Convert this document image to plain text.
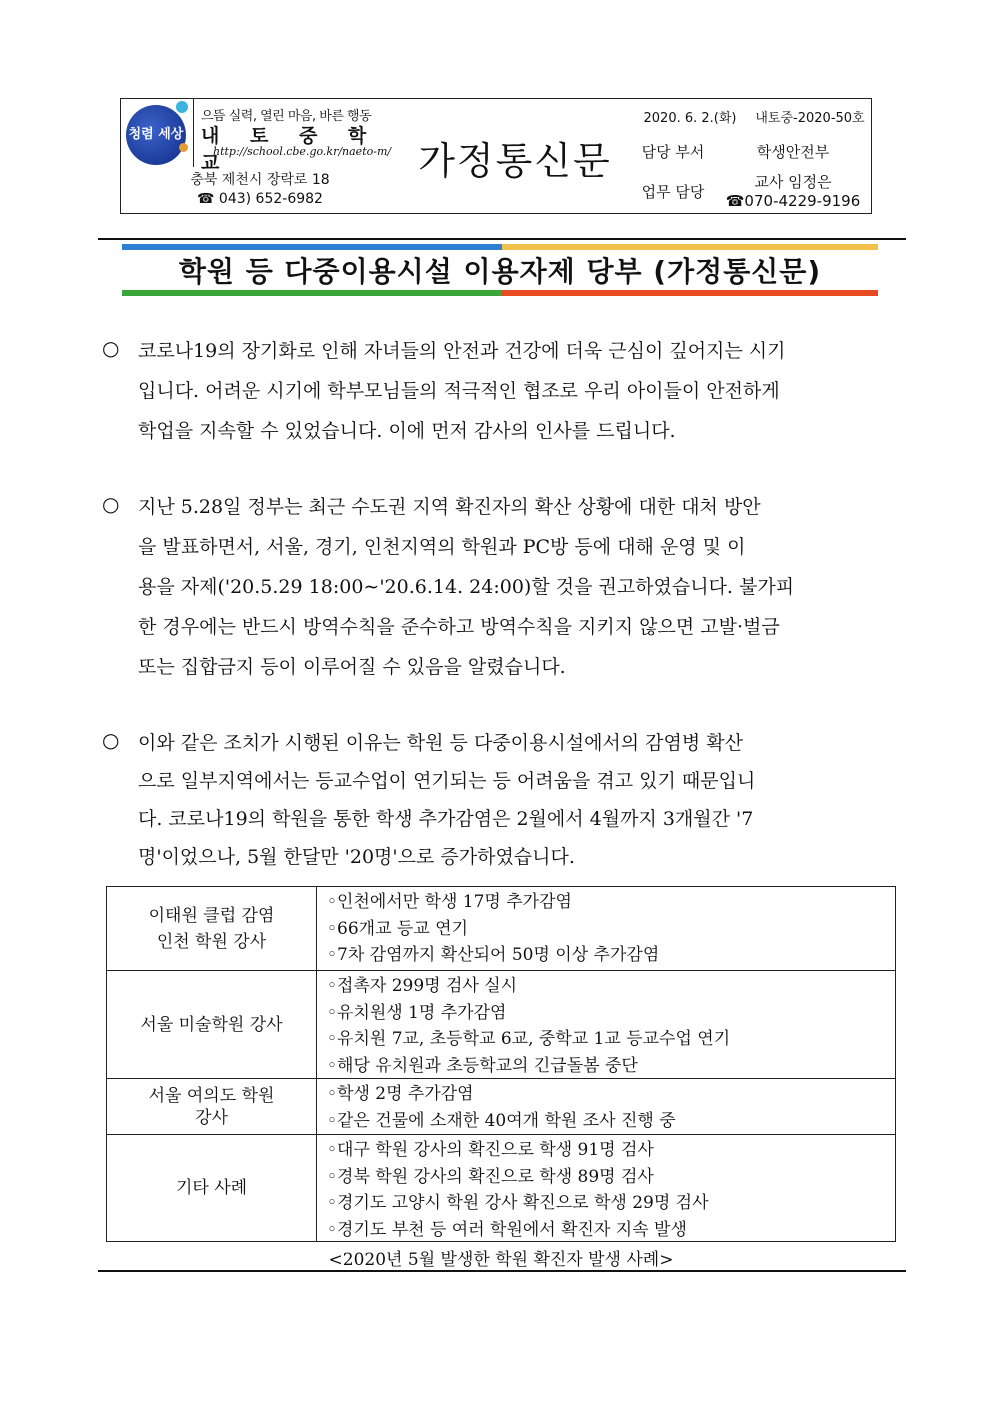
청렴 세상
으뜸 실력, 열린 마음, 바른 행동
내 토 중 학 교
http://school.cbe.go.kr/naeto-m/
충북 제천시 장락로 18
☎ 043) 652-6982
가정통신문
2020. 6. 2.(화)	내토중-2020-50호
담당 부서	학생안전부
업무 담당
교사 임정은
☎070-4229-9196
학원 등 다중이용시설 이용자제 당부 (가정통신문)
○ 코로나19의 장기화로 인해 자녀들의 안전과 건강에 더욱 근심이 깊어지는 시기
입니다. 어려운 시기에 학부모님들의 적극적인 협조로 우리 아이들이 안전하게
학업을 지속할 수 있었습니다. 이에 먼저 감사의 인사를 드립니다.
○ 지난 5.28일 정부는 최근 수도권 지역 확진자의 확산 상황에 대한 대처 방안
을 발표하면서, 서울, 경기, 인천지역의 학원과 PC방 등에 대해 운영 및 이
용을 자제('20.5.29 18:00∼'20.6.14. 24:00)할 것을 권고하였습니다. 불가피
한 경우에는 반드시 방역수칙을 준수하고 방역수칙을 지키지 않으면 고발·벌금
또는 집합금지 등이 이루어질 수 있음을 알렸습니다.
○ 이와 같은 조치가 시행된 이유는 학원 등 다중이용시설에서의 감염병 확산
으로 일부지역에서는 등교수업이 연기되는 등 어려움을 겪고 있기 때문입니
다. 코로나19의 학원을 통한 학생 추가감염은 2월에서 4월까지 3개월간 '7
명'이었으나, 5월 한달만 '20명'으로 증가하였습니다.
이태원 클럽 감염
인천 학원 강사
◦인천에서만 학생 17명 추가감염
◦66개교 등교 연기
◦7차 감염까지 확산되어 50명 이상 추가감염
서울 미술학원 강사
◦접촉자 299명 검사 실시
◦유치원생 1명 추가감염
◦유치원 7교, 초등학교 6교, 중학교 1교 등교수업 연기
◦해당 유치원과 초등학교의 긴급돌봄 중단
서울 여의도 학원
강사
◦학생 2명 추가감염
◦같은 건물에 소재한 40여개 학원 조사 진행 중
기타 사례
◦대구 학원 강사의 확진으로 학생 91명 검사
◦경북 학원 강사의 확진으로 학생 89명 검사
◦경기도 고양시 학원 강사 확진으로 학생 29명 검사
◦경기도 부천 등 여러 학원에서 확진자 지속 발생
<2020년 5월 발생한 학원 확진자 발생 사례>
